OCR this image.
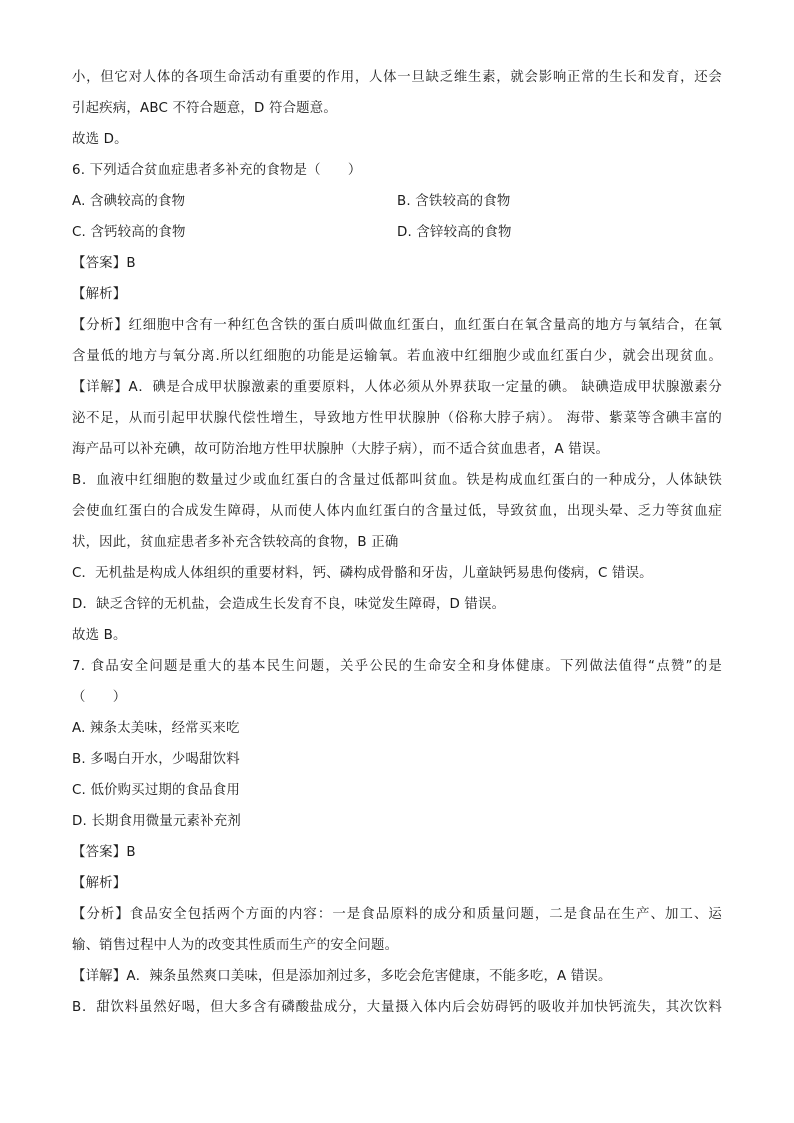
小，但它对人体的各项生命活动有重要的作用，人体一旦缺乏维生素，就会影响正常的生长和发育，还会
引起疾病，ABC 不符合题意，D 符合题意。
故选 D。
6. 下列适合贫血症患者多补充的食物是（　　）
A. 含碘较高的食物	B. 含铁较高的食物
C. 含钙较高的食物	D. 含锌较高的食物
【答案】B
【解析】
【分析】红细胞中含有一种红色含铁的蛋白质叫做血红蛋白，血红蛋白在氧含量高的地方与氧结合，在氧
含量低的地方与氧分离.所以红细胞的功能是运输氧。若血液中红细胞少或血红蛋白少，就会出现贫血。
【详解】A．碘是合成甲状腺激素的重要原料，人体必须从外界获取一定量的碘。 缺碘造成甲状腺激素分
泌不足，从而引起甲状腺代偿性增生，导致地方性甲状腺肿（俗称大脖子病）。 海带、紫菜等含碘丰富的
海产品可以补充碘，故可防治地方性甲状腺肿（大脖子病），而不适合贫血患者，A 错误。
B．血液中红细胞的数量过少或血红蛋白的含量过低都叫贫血。铁是构成血红蛋白的一种成分，人体缺铁
会使血红蛋白的合成发生障碍，从而使人体内血红蛋白的含量过低，导致贫血，出现头晕、乏力等贫血症
状，因此，贫血症患者多补充含铁较高的食物，B 正确
C．无机盐是构成人体组织的重要材料，钙、磷构成骨骼和牙齿，儿童缺钙易患佝偻病，C 错误。
D．缺乏含锌的无机盐，会造成生长发育不良，味觉发生障碍，D 错误。
故选 B。
7. 食品安全问题是重大的基本民生问题，关乎公民的生命安全和身体健康。下列做法值得“点赞”的是
（　　）
A. 辣条太美味，经常买来吃
B. 多喝白开水，少喝甜饮料
C. 低价购买过期的食品食用
D. 长期食用微量元素补充剂
【答案】B
【解析】
【分析】食品安全包括两个方面的内容：一是食品原料的成分和质量问题，二是食品在生产、加工、运
输、销售过程中人为的改变其性质而生产的安全问题。
【详解】A．辣条虽然爽口美味，但是添加剂过多，多吃会危害健康，不能多吃，A 错误。
B．甜饮料虽然好喝，但大多含有磷酸盐成分，大量摄入体内后会妨碍钙的吸收并加快钙流失，其次饮料
